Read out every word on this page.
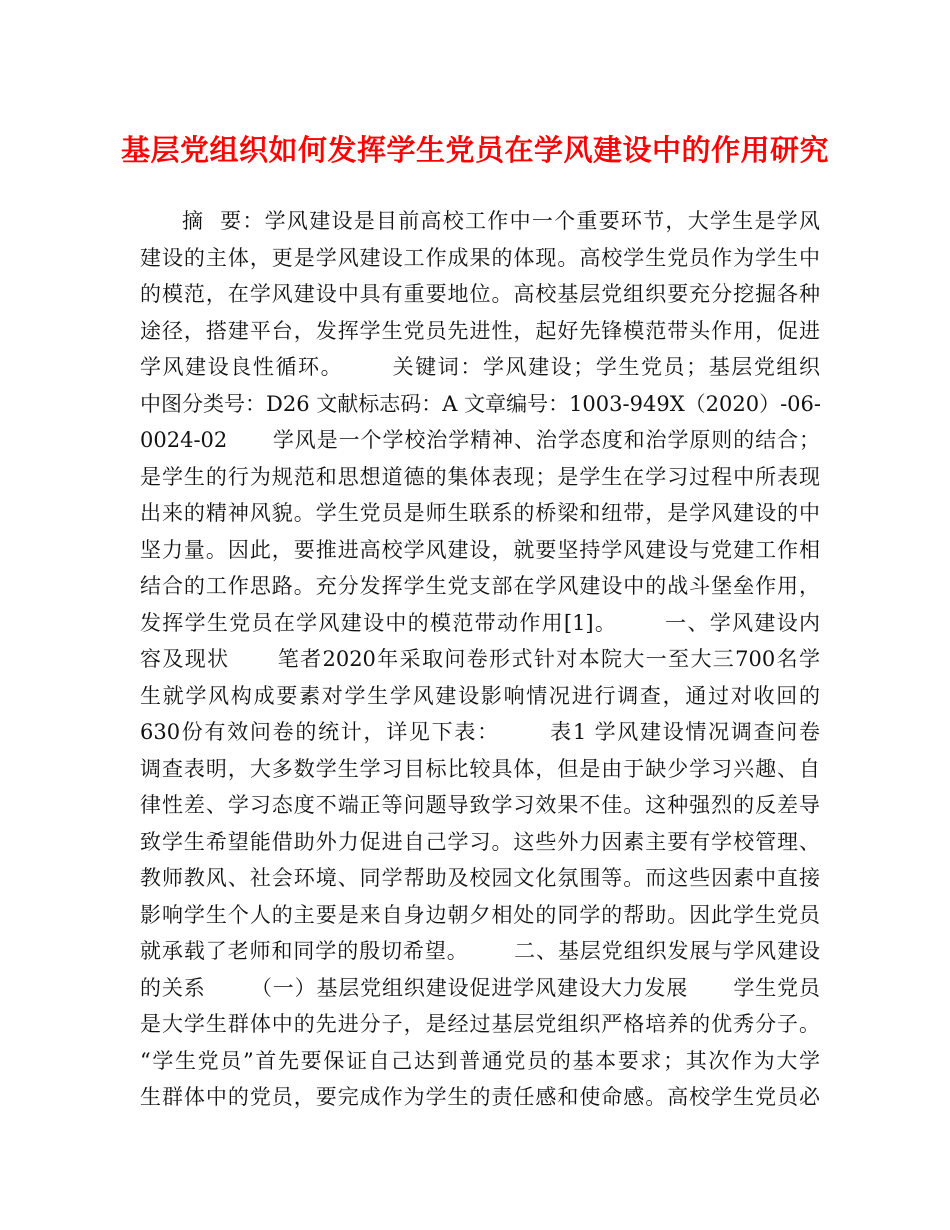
基层党组织如何发挥学生党员在学风建设中的作用研究
摘  要：学风建设是目前高校工作中一个重要环节，大学生是学风
建设的主体，更是学风建设工作成果的体现。高校学生党员作为学生中
的模范，在学风建设中具有重要地位。高校基层党组织要充分挖掘各种
途径，搭建平台，发挥学生党员先进性，起好先锋模范带头作用，促进
学风建设良性循环。      关键词：学风建设；学生党员；基层党组织
中图分类号：D26 文献标志码：A 文章编号：1003-949X（2020）-06-
0024-02      学风是一个学校治学精神、治学态度和治学原则的结合；
是学生的行为规范和思想道德的集体表现；是学生在学习过程中所表现
出来的精神风貌。学生党员是师生联系的桥梁和纽带，是学风建设的中
坚力量。因此，要推进高校学风建设，就要坚持学风建设与党建工作相
结合的工作思路。充分发挥学生党支部在学风建设中的战斗堡垒作用，
发挥学生党员在学风建设中的模范带动作用[1]。      一、学风建设内
容及现状      笔者2020年采取问卷形式针对本院大一至大三700名学
生就学风构成要素对学生学风建设影响情况进行调查，通过对收回的
630份有效问卷的统计，详见下表：      表1 学风建设情况调查问卷
调查表明，大多数学生学习目标比较具体，但是由于缺少学习兴趣、自
律性差、学习态度不端正等问题导致学习效果不佳。这种强烈的反差导
致学生希望能借助外力促进自己学习。这些外力因素主要有学校管理、
教师教风、社会环境、同学帮助及校园文化氛围等。而这些因素中直接
影响学生个人的主要是来自身边朝夕相处的同学的帮助。因此学生党员
就承载了老师和同学的殷切希望。      二、基层党组织发展与学风建设
的关系      （一）基层党组织建设促进学风建设大力发展      学生党员
是大学生群体中的先进分子，是经过基层党组织严格培养的优秀分子。
“学生党员”首先要保证自己达到普通党员的基本要求；其次作为大学
生群体中的党员，要完成作为学生的责任感和使命感。高校学生党员必
